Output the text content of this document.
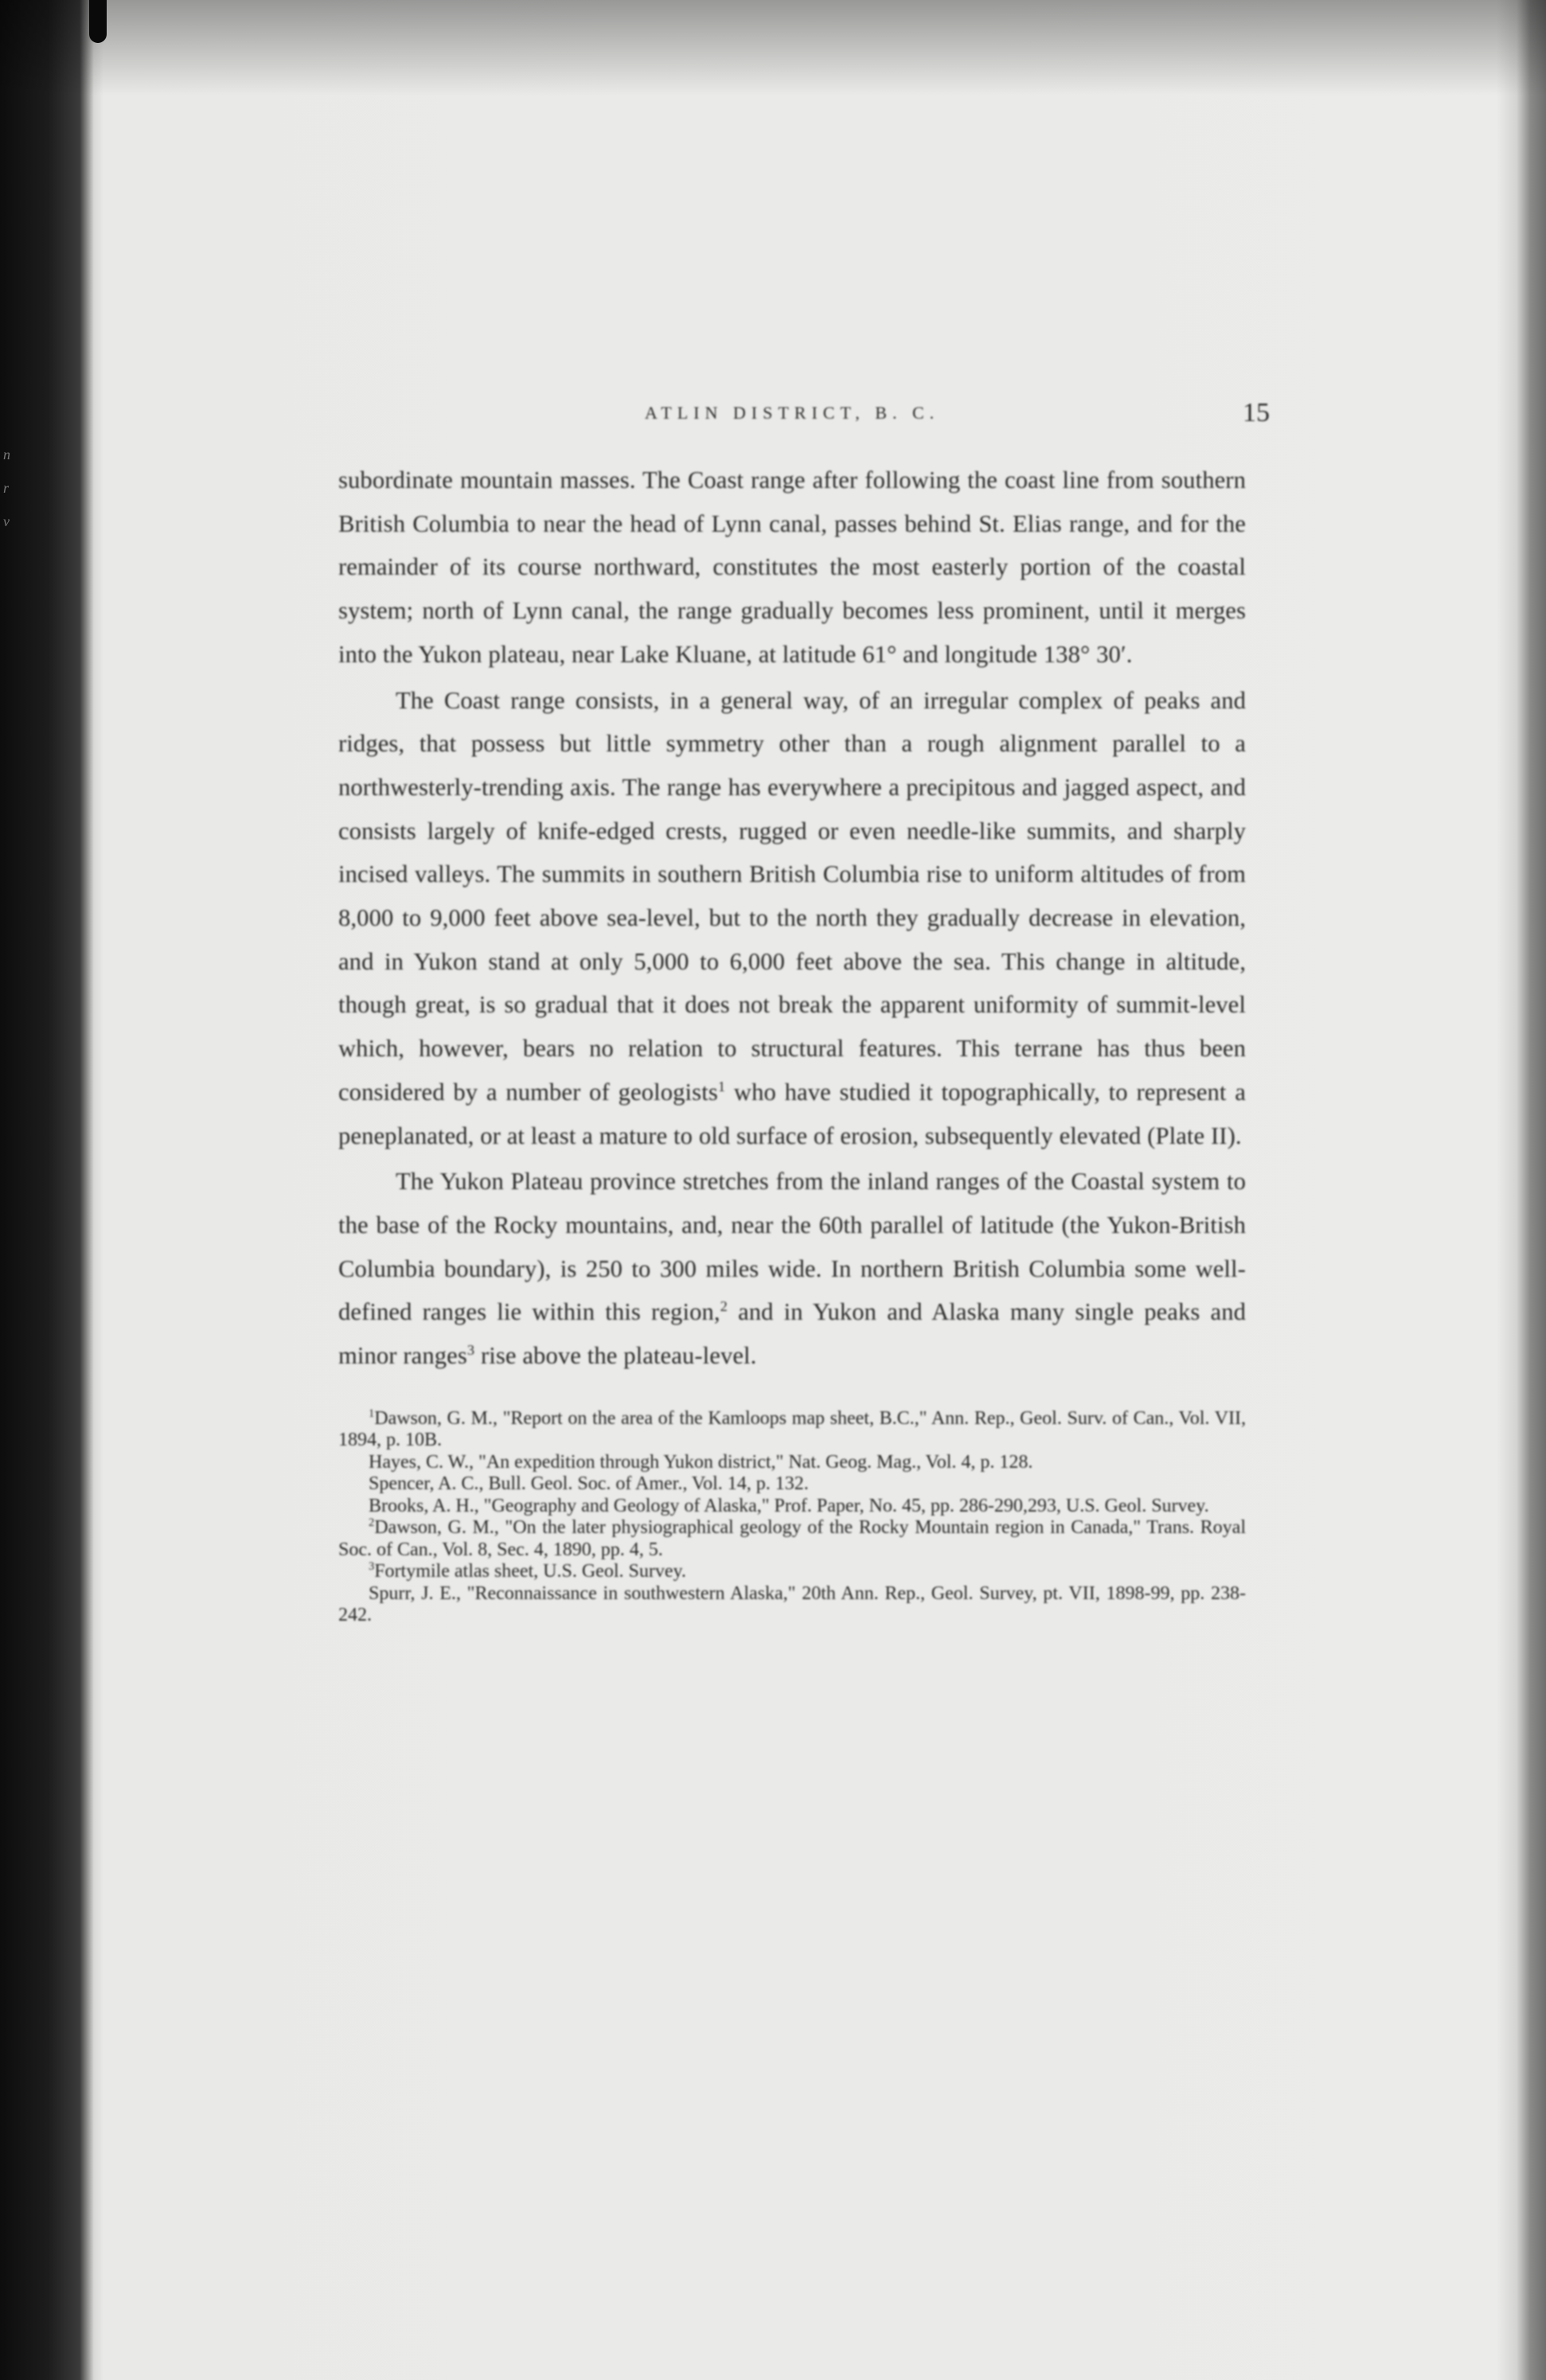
n
r
v
ATLIN DISTRICT, B. C.	15

subordinate mountain masses. The Coast range after following the coast line from southern British Columbia to near the head of Lynn canal, passes behind St. Elias range, and for the remainder of its course northward, constitutes the most easterly portion of the coastal system; north of Lynn canal, the range gradually becomes less prominent, until it merges into the Yukon plateau, near Lake Kluane, at latitude 61° and longitude 138° 30′.

The Coast range consists, in a general way, of an irregular complex of peaks and ridges, that possess but little symmetry other than a rough alignment parallel to a northwesterly-trending axis. The range has everywhere a precipitous and jagged aspect, and consists largely of knife-edged crests, rugged or even needle-like summits, and sharply incised valleys. The summits in southern British Columbia rise to uniform altitudes of from 8,000 to 9,000 feet above sea-level, but to the north they gradually decrease in elevation, and in Yukon stand at only 5,000 to 6,000 feet above the sea. This change in altitude, though great, is so gradual that it does not break the apparent uniformity of summit-level which, however, bears no relation to structural features. This terrane has thus been considered by a number of geologists$^1$ who have studied it topographically, to represent a peneplanated, or at least a mature to old surface of erosion, subsequently elevated (Plate II).

The Yukon Plateau province stretches from the inland ranges of the Coastal system to the base of the Rocky mountains, and, near the 60th parallel of latitude (the Yukon-British Columbia boundary), is 250 to 300 miles wide. In northern British Columbia some well-defined ranges lie within this region,$^2$ and in Yukon and Alaska many single peaks and minor ranges$^3$ rise above the plateau-level.

$^1$Dawson, G. M., "Report on the area of the Kamloops map sheet, B.C.," Ann. Rep., Geol. Surv. of Can., Vol. VII, 1894, p. 10B.

Hayes, C. W., "An expedition through Yukon district," Nat. Geog. Mag., Vol. 4, p. 128.

Spencer, A. C., Bull. Geol. Soc. of Amer., Vol. 14, p. 132.

Brooks, A. H., "Geography and Geology of Alaska," Prof. Paper, No. 45, pp. 286-290,293, U.S. Geol. Survey.

$^2$Dawson, G. M., "On the later physiographical geology of the Rocky Mountain region in Canada," Trans. Royal Soc. of Can., Vol. 8, Sec. 4, 1890, pp. 4, 5.

$^3$Fortymile atlas sheet, U.S. Geol. Survey.

Spurr, J. E., "Reconnaissance in southwestern Alaska," 20th Ann. Rep., Geol. Survey, pt. VII, 1898-99, pp. 238-242.
